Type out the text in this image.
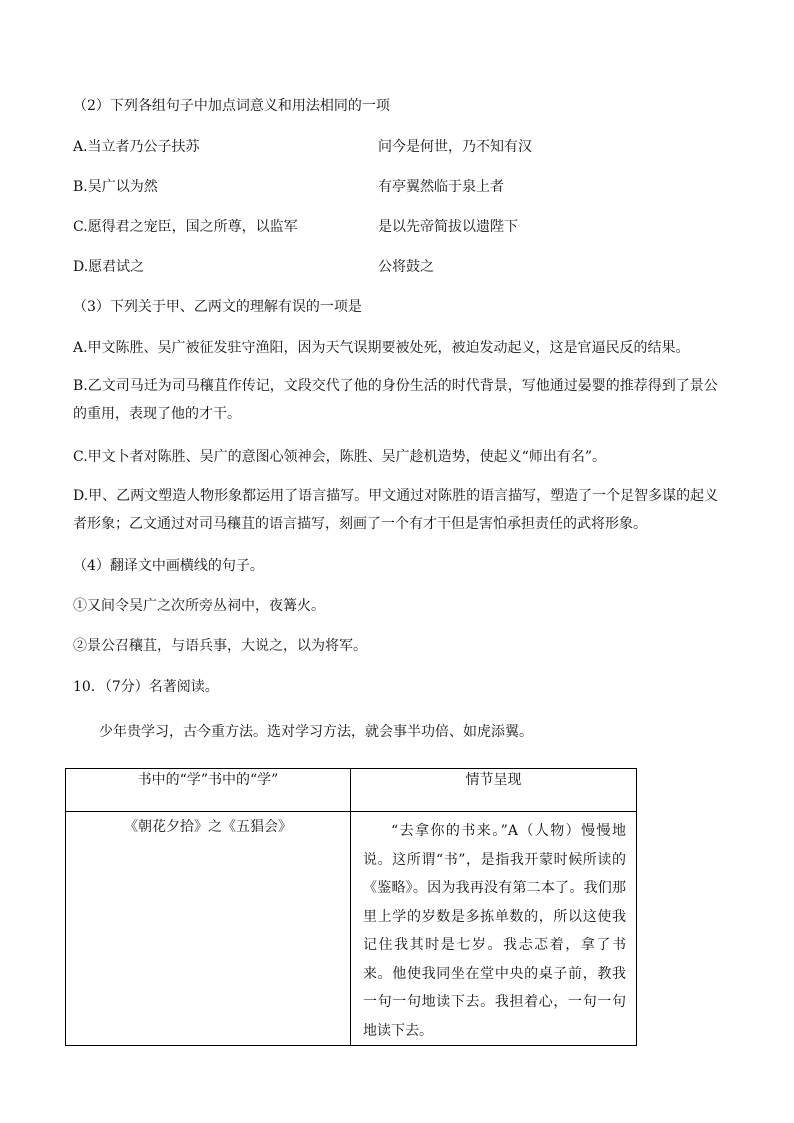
（2）下列各组句子中加点词意义和用法相同的一项
A.当立者乃公子扶苏	问今是何世，乃不知有汉
B.吴广以为然	有亭翼然临于泉上者
C.愿得君之宠臣，国之所尊，以监军	是以先帝简拔以遗陛下
D.愿君试之	公将鼓之
（3）下列关于甲、乙两文的理解有误的一项是
A.甲文陈胜、吴广被征发驻守渔阳，因为天气误期要被处死，被迫发动起义，这是官逼民反的结果。
B.乙文司马迁为司马穰苴作传记，文段交代了他的身份生活的时代背景，写他通过晏婴的推荐得到了景公的重用，表现了他的才干。
C.甲文卜者对陈胜、吴广的意图心领神会，陈胜、吴广趁机造势，使起义“师出有名”。
D.甲、乙两文塑造人物形象都运用了语言描写。甲文通过对陈胜的语言描写，塑造了一个足智多谋的起义者形象；乙文通过对司马穰苴的语言描写，刻画了一个有才干但是害怕承担责任的武将形象。
（4）翻译文中画横线的句子。
①又间令吴广之次所旁丛祠中，夜篝火。
②景公召穰苴，与语兵事，大说之，以为将军。
10．（7分）名著阅读。
少年贵学习，古今重方法。选对学习方法，就会事半功倍、如虎添翼。
书中的“学”书中的“学”	情节呈现
《朝花夕拾》之《五猖会》	“去拿你的书来。”A（人物）慢慢地说。这所谓“书”，是指我开蒙时候所读的《鉴略》。因为我再没有第二本了。我们那里上学的岁数是多拣单数的，所以这使我记住我其时是七岁。我忐忑着，拿了书来。他使我同坐在堂中央的桌子前，教我一句一句地读下去。我担着心，一句一句地读下去。
